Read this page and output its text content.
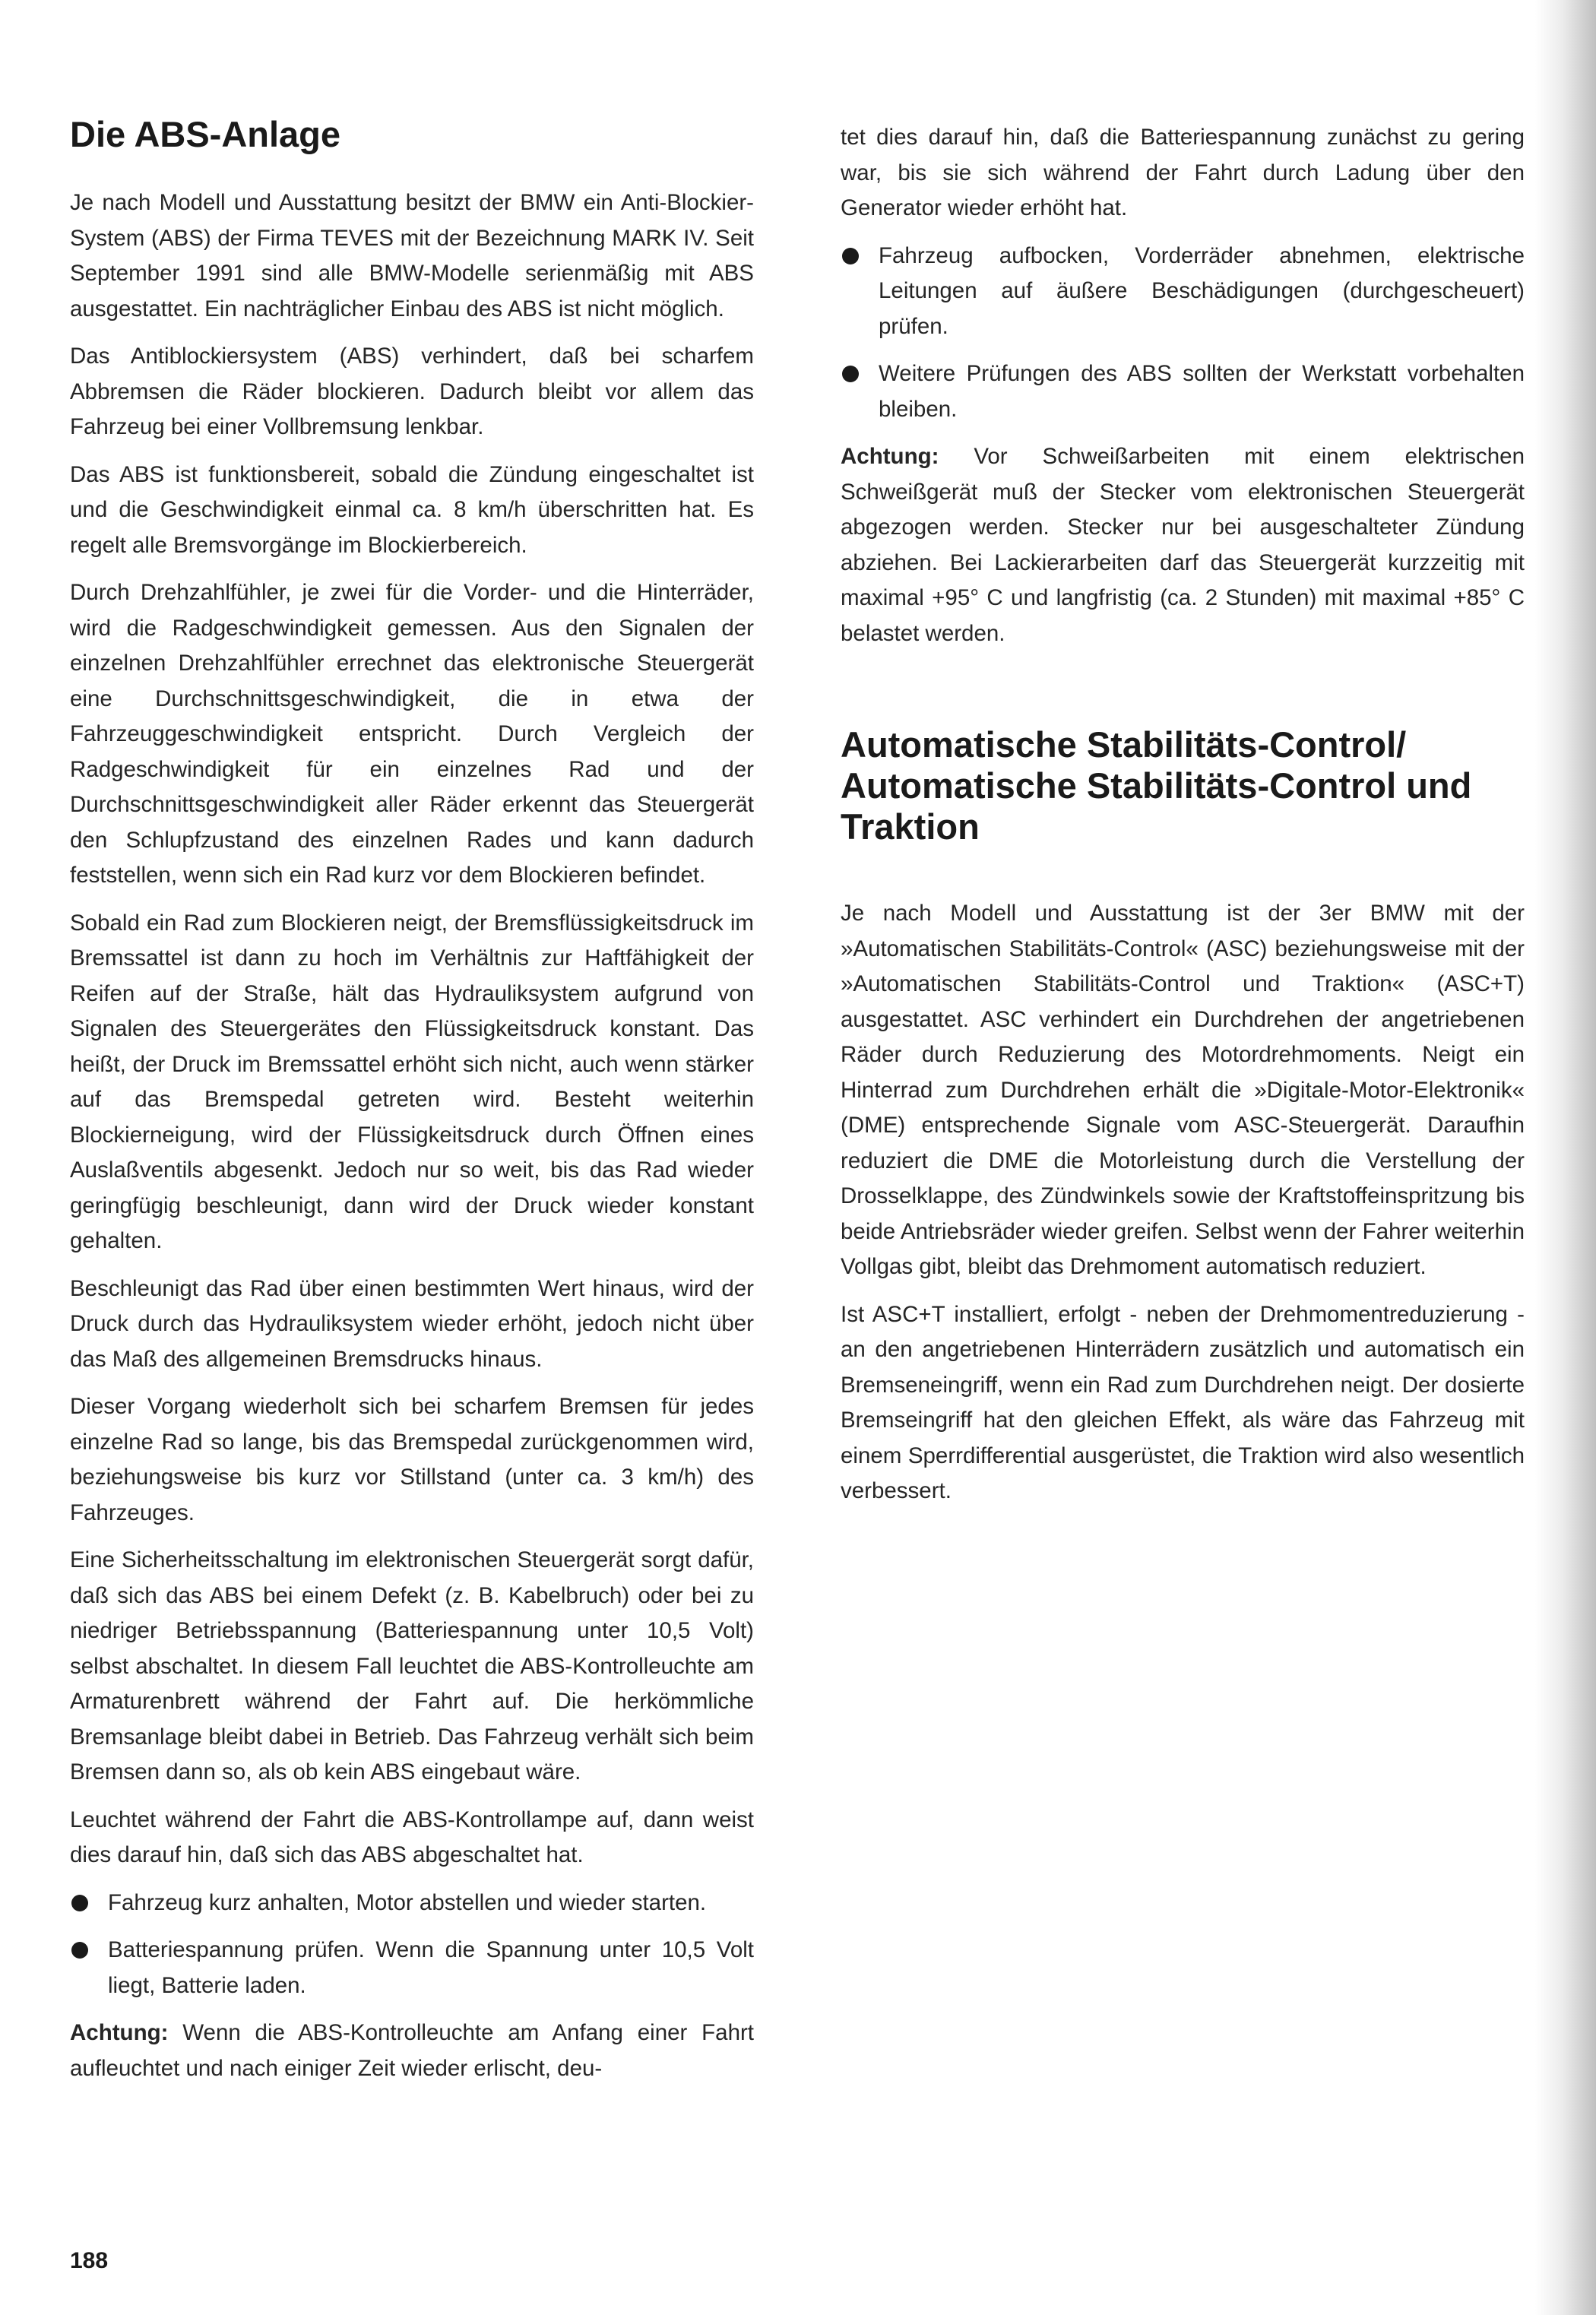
Die ABS-Anlage

Je nach Modell und Ausstattung besitzt der BMW ein Anti-Blockier-System (ABS) der Firma TEVES mit der Bezeichnung MARK IV. Seit September 1991 sind alle BMW-Modelle serienmäßig mit ABS ausgestattet. Ein nachträglicher Einbau des ABS ist nicht möglich.

Das Antiblockiersystem (ABS) verhindert, daß bei scharfem Abbremsen die Räder blockieren. Dadurch bleibt vor allem das Fahrzeug bei einer Vollbremsung lenkbar.

Das ABS ist funktionsbereit, sobald die Zündung eingeschaltet ist und die Geschwindigkeit einmal ca. 8 km/h überschritten hat. Es regelt alle Bremsvorgänge im Blockierbereich.

Durch Drehzahlfühler, je zwei für die Vorder- und die Hinterräder, wird die Radgeschwindigkeit gemessen. Aus den Signalen der einzelnen Drehzahlfühler errechnet das elektronische Steuergerät eine Durchschnittsgeschwindigkeit, die in etwa der Fahrzeuggeschwindigkeit entspricht. Durch Vergleich der Radgeschwindigkeit für ein einzelnes Rad und der Durchschnittsgeschwindigkeit aller Räder erkennt das Steuergerät den Schlupfzustand des einzelnen Rades und kann dadurch feststellen, wenn sich ein Rad kurz vor dem Blockieren befindet.

Sobald ein Rad zum Blockieren neigt, der Bremsflüssigkeitsdruck im Bremssattel ist dann zu hoch im Verhältnis zur Haftfähigkeit der Reifen auf der Straße, hält das Hydrauliksystem aufgrund von Signalen des Steuergerätes den Flüssigkeitsdruck konstant. Das heißt, der Druck im Bremssattel erhöht sich nicht, auch wenn stärker auf das Bremspedal getreten wird. Besteht weiterhin Blockierneigung, wird der Flüssigkeitsdruck durch Öffnen eines Auslaßventils abgesenkt. Jedoch nur so weit, bis das Rad wieder geringfügig beschleunigt, dann wird der Druck wieder konstant gehalten.

Beschleunigt das Rad über einen bestimmten Wert hinaus, wird der Druck durch das Hydrauliksystem wieder erhöht, jedoch nicht über das Maß des allgemeinen Bremsdrucks hinaus.

Dieser Vorgang wiederholt sich bei scharfem Bremsen für jedes einzelne Rad so lange, bis das Bremspedal zurückgenommen wird, beziehungsweise bis kurz vor Stillstand (unter ca. 3 km/h) des Fahrzeuges.

Eine Sicherheitsschaltung im elektronischen Steuergerät sorgt dafür, daß sich das ABS bei einem Defekt (z. B. Kabelbruch) oder bei zu niedriger Betriebsspannung (Batteriespannung unter 10,5 Volt) selbst abschaltet. In diesem Fall leuchtet die ABS-Kontrolleuchte am Armaturenbrett während der Fahrt auf. Die herkömmliche Bremsanlage bleibt dabei in Betrieb. Das Fahrzeug verhält sich beim Bremsen dann so, als ob kein ABS eingebaut wäre.

Leuchtet während der Fahrt die ABS-Kontrollampe auf, dann weist dies darauf hin, daß sich das ABS abgeschaltet hat.

Fahrzeug kurz anhalten, Motor abstellen und wieder starten.

Batteriespannung prüfen. Wenn die Spannung unter 10,5 Volt liegt, Batterie laden.

Achtung: Wenn die ABS-Kontrolleuchte am Anfang einer Fahrt aufleuchtet und nach einiger Zeit wieder erlischt, deu-

tet dies darauf hin, daß die Batteriespannung zunächst zu gering war, bis sie sich während der Fahrt durch Ladung über den Generator wieder erhöht hat.

Fahrzeug aufbocken, Vorderräder abnehmen, elektrische Leitungen auf äußere Beschädigungen (durchgescheuert) prüfen.

Weitere Prüfungen des ABS sollten der Werkstatt vorbehalten bleiben.

Achtung: Vor Schweißarbeiten mit einem elektrischen Schweißgerät muß der Stecker vom elektronischen Steuergerät abgezogen werden. Stecker nur bei ausgeschalteter Zündung abziehen. Bei Lackierarbeiten darf das Steuergerät kurzzeitig mit maximal +95° C und langfristig (ca. 2 Stunden) mit maximal +85° C belastet werden.

Automatische Stabilitäts-Control/ Automatische Stabilitäts-Control und Traktion

Je nach Modell und Ausstattung ist der 3er BMW mit der »Automatischen Stabilitäts-Control« (ASC) beziehungsweise mit der »Automatischen Stabilitäts-Control und Traktion« (ASC+T) ausgestattet. ASC verhindert ein Durchdrehen der angetriebenen Räder durch Reduzierung des Motordrehmoments. Neigt ein Hinterrad zum Durchdrehen erhält die »Digitale-Motor-Elektronik« (DME) entsprechende Signale vom ASC-Steuergerät. Daraufhin reduziert die DME die Motorleistung durch die Verstellung der Drosselklappe, des Zündwinkels sowie der Kraftstoffeinspritzung bis beide Antriebsräder wieder greifen. Selbst wenn der Fahrer weiterhin Vollgas gibt, bleibt das Drehmoment automatisch reduziert.

Ist ASC+T installiert, erfolgt - neben der Drehmomentreduzierung - an den angetriebenen Hinterrädern zusätzlich und automatisch ein Bremseneingriff, wenn ein Rad zum Durchdrehen neigt. Der dosierte Bremseingriff hat den gleichen Effekt, als wäre das Fahrzeug mit einem Sperrdifferential ausgerüstet, die Traktion wird also wesentlich verbessert.

188
